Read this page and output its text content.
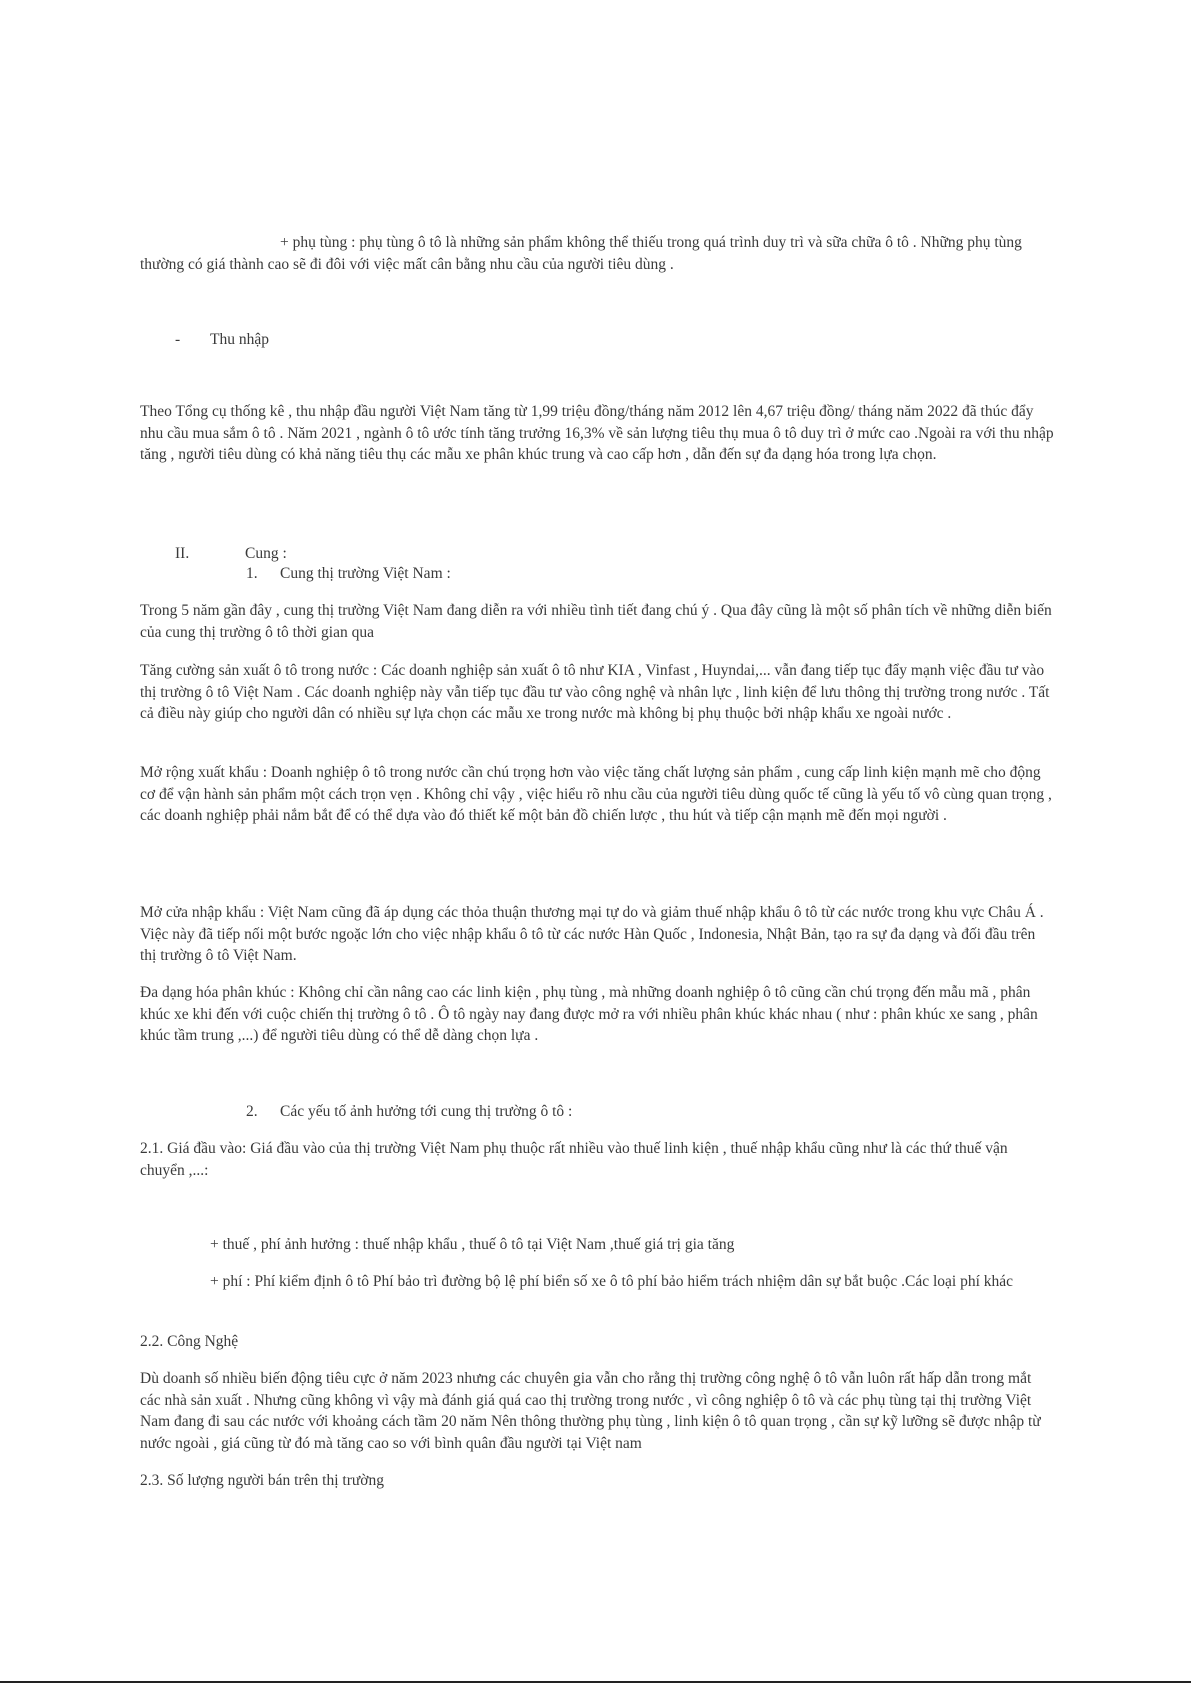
+ phụ tùng : phụ tùng ô tô là những sản phẩm không thể thiếu trong quá trình duy trì và sữa chữa ô tô . Những phụ tùng thường có giá thành cao sẽ đi đôi với việc mất cân bằng nhu cầu của người tiêu dùng .

- Thu nhập

Theo Tổng cụ thống kê , thu nhập đầu người Việt Nam tăng từ 1,99 triệu đồng/tháng năm 2012 lên 4,67 triệu đồng/ tháng năm 2022 đã thúc đẩy nhu cầu mua sắm ô tô . Năm 2021 , ngành ô tô ước tính tăng trưởng 16,3% về sản lượng tiêu thụ mua ô tô duy trì ở mức cao .Ngoài ra với thu nhập tăng , người tiêu dùng có khả năng tiêu thụ các mẫu xe phân khúc trung và cao cấp hơn , dẫn đến sự đa dạng hóa trong lựa chọn.

II.	Cung :
1. Cung thị trường Việt Nam :

Trong 5 năm gần đây , cung thị trường Việt Nam đang diễn ra với nhiều tình tiết đang chú ý . Qua đây cũng là một số phân tích về những diễn biến của cung thị trường ô tô thời gian qua

Tăng cường sản xuất ô tô trong nước : Các doanh nghiệp sản xuất ô tô như KIA , Vinfast , Huyndai,... vẫn đang tiếp tục đẩy mạnh việc đầu tư vào thị trường ô tô Việt Nam . Các doanh nghiệp này vẫn tiếp tục đầu tư vào công nghệ và nhân lực , linh kiện để lưu thông thị trường trong nước . Tất cả điều này giúp cho người dân có nhiều sự lựa chọn các mẫu xe trong nước mà không bị phụ thuộc bởi nhập khẩu xe ngoài nước .

Mở rộng xuất khẩu : Doanh nghiệp ô tô trong nước cần chú trọng hơn vào việc tăng chất lượng sản phẩm , cung cấp linh kiện mạnh mẽ cho động cơ để vận hành sản phẩm một cách trọn vẹn . Không chỉ vậy , việc hiểu rõ nhu cầu của người tiêu dùng quốc tế cũng là yếu tố vô cùng quan trọng , các doanh nghiệp phải nắm bắt để có thể dựa vào đó thiết kế một bản đồ chiến lược , thu hút và tiếp cận mạnh mẽ đến mọi người .

Mở cửa nhập khẩu : Việt Nam cũng đã áp dụng các thỏa thuận thương mại tự do và giảm thuế nhập khẩu ô tô từ các nước trong khu vực Châu Á . Việc này đã tiếp nối một bước ngoặc lớn cho việc nhập khẩu ô tô từ các nước Hàn Quốc , Indonesia, Nhật Bản, tạo ra sự đa dạng và đối đầu trên thị trường ô tô Việt Nam.

Đa dạng hóa phân khúc : Không chỉ cần nâng cao các linh kiện , phụ tùng , mà những doanh nghiệp ô tô cũng cần chú trọng đến mẫu mã , phân khúc xe khi đến với cuộc chiến thị trường ô tô . Ô tô ngày nay đang được mở ra với nhiều phân khúc khác nhau ( như : phân khúc xe sang , phân khúc tầm trung ,...) để người tiêu dùng có thể dễ dàng chọn lựa .

2. Các yếu tố ảnh hưởng tới cung thị trường ô tô :

2.1. Giá đầu vào: Giá đầu vào của thị trường Việt Nam phụ thuộc rất nhiều vào thuế linh kiện , thuế nhập khẩu cũng như là các thứ thuế vận chuyển ,...:

+ thuế , phí ảnh hưởng : thuế nhập khẩu , thuế ô tô tại Việt Nam ,thuế giá trị gia tăng

+ phí : Phí kiểm định ô tô Phí bảo trì đường bộ lệ phí biển số xe ô tô phí bảo hiểm trách nhiệm dân sự bắt buộc .Các loại phí khác

2.2. Công Nghệ

Dù doanh số nhiều biến động tiêu cực ở năm 2023 nhưng các chuyên gia vẫn cho rằng thị trường công nghệ ô tô vẫn luôn rất hấp dẫn trong mắt các nhà sản xuất . Nhưng cũng không vì vậy mà đánh giá quá cao thị trường trong nước , vì công nghiệp ô tô và các phụ tùng tại thị trường Việt Nam đang đi sau các nước với khoảng cách tầm 20 năm Nên thông thường phụ tùng , linh kiện ô tô quan trọng , cần sự kỹ lưỡng sẽ được nhập từ nước ngoài , giá cũng từ đó mà tăng cao so với bình quân đầu người tại Việt nam

2.3. Số lượng người bán trên thị trường
